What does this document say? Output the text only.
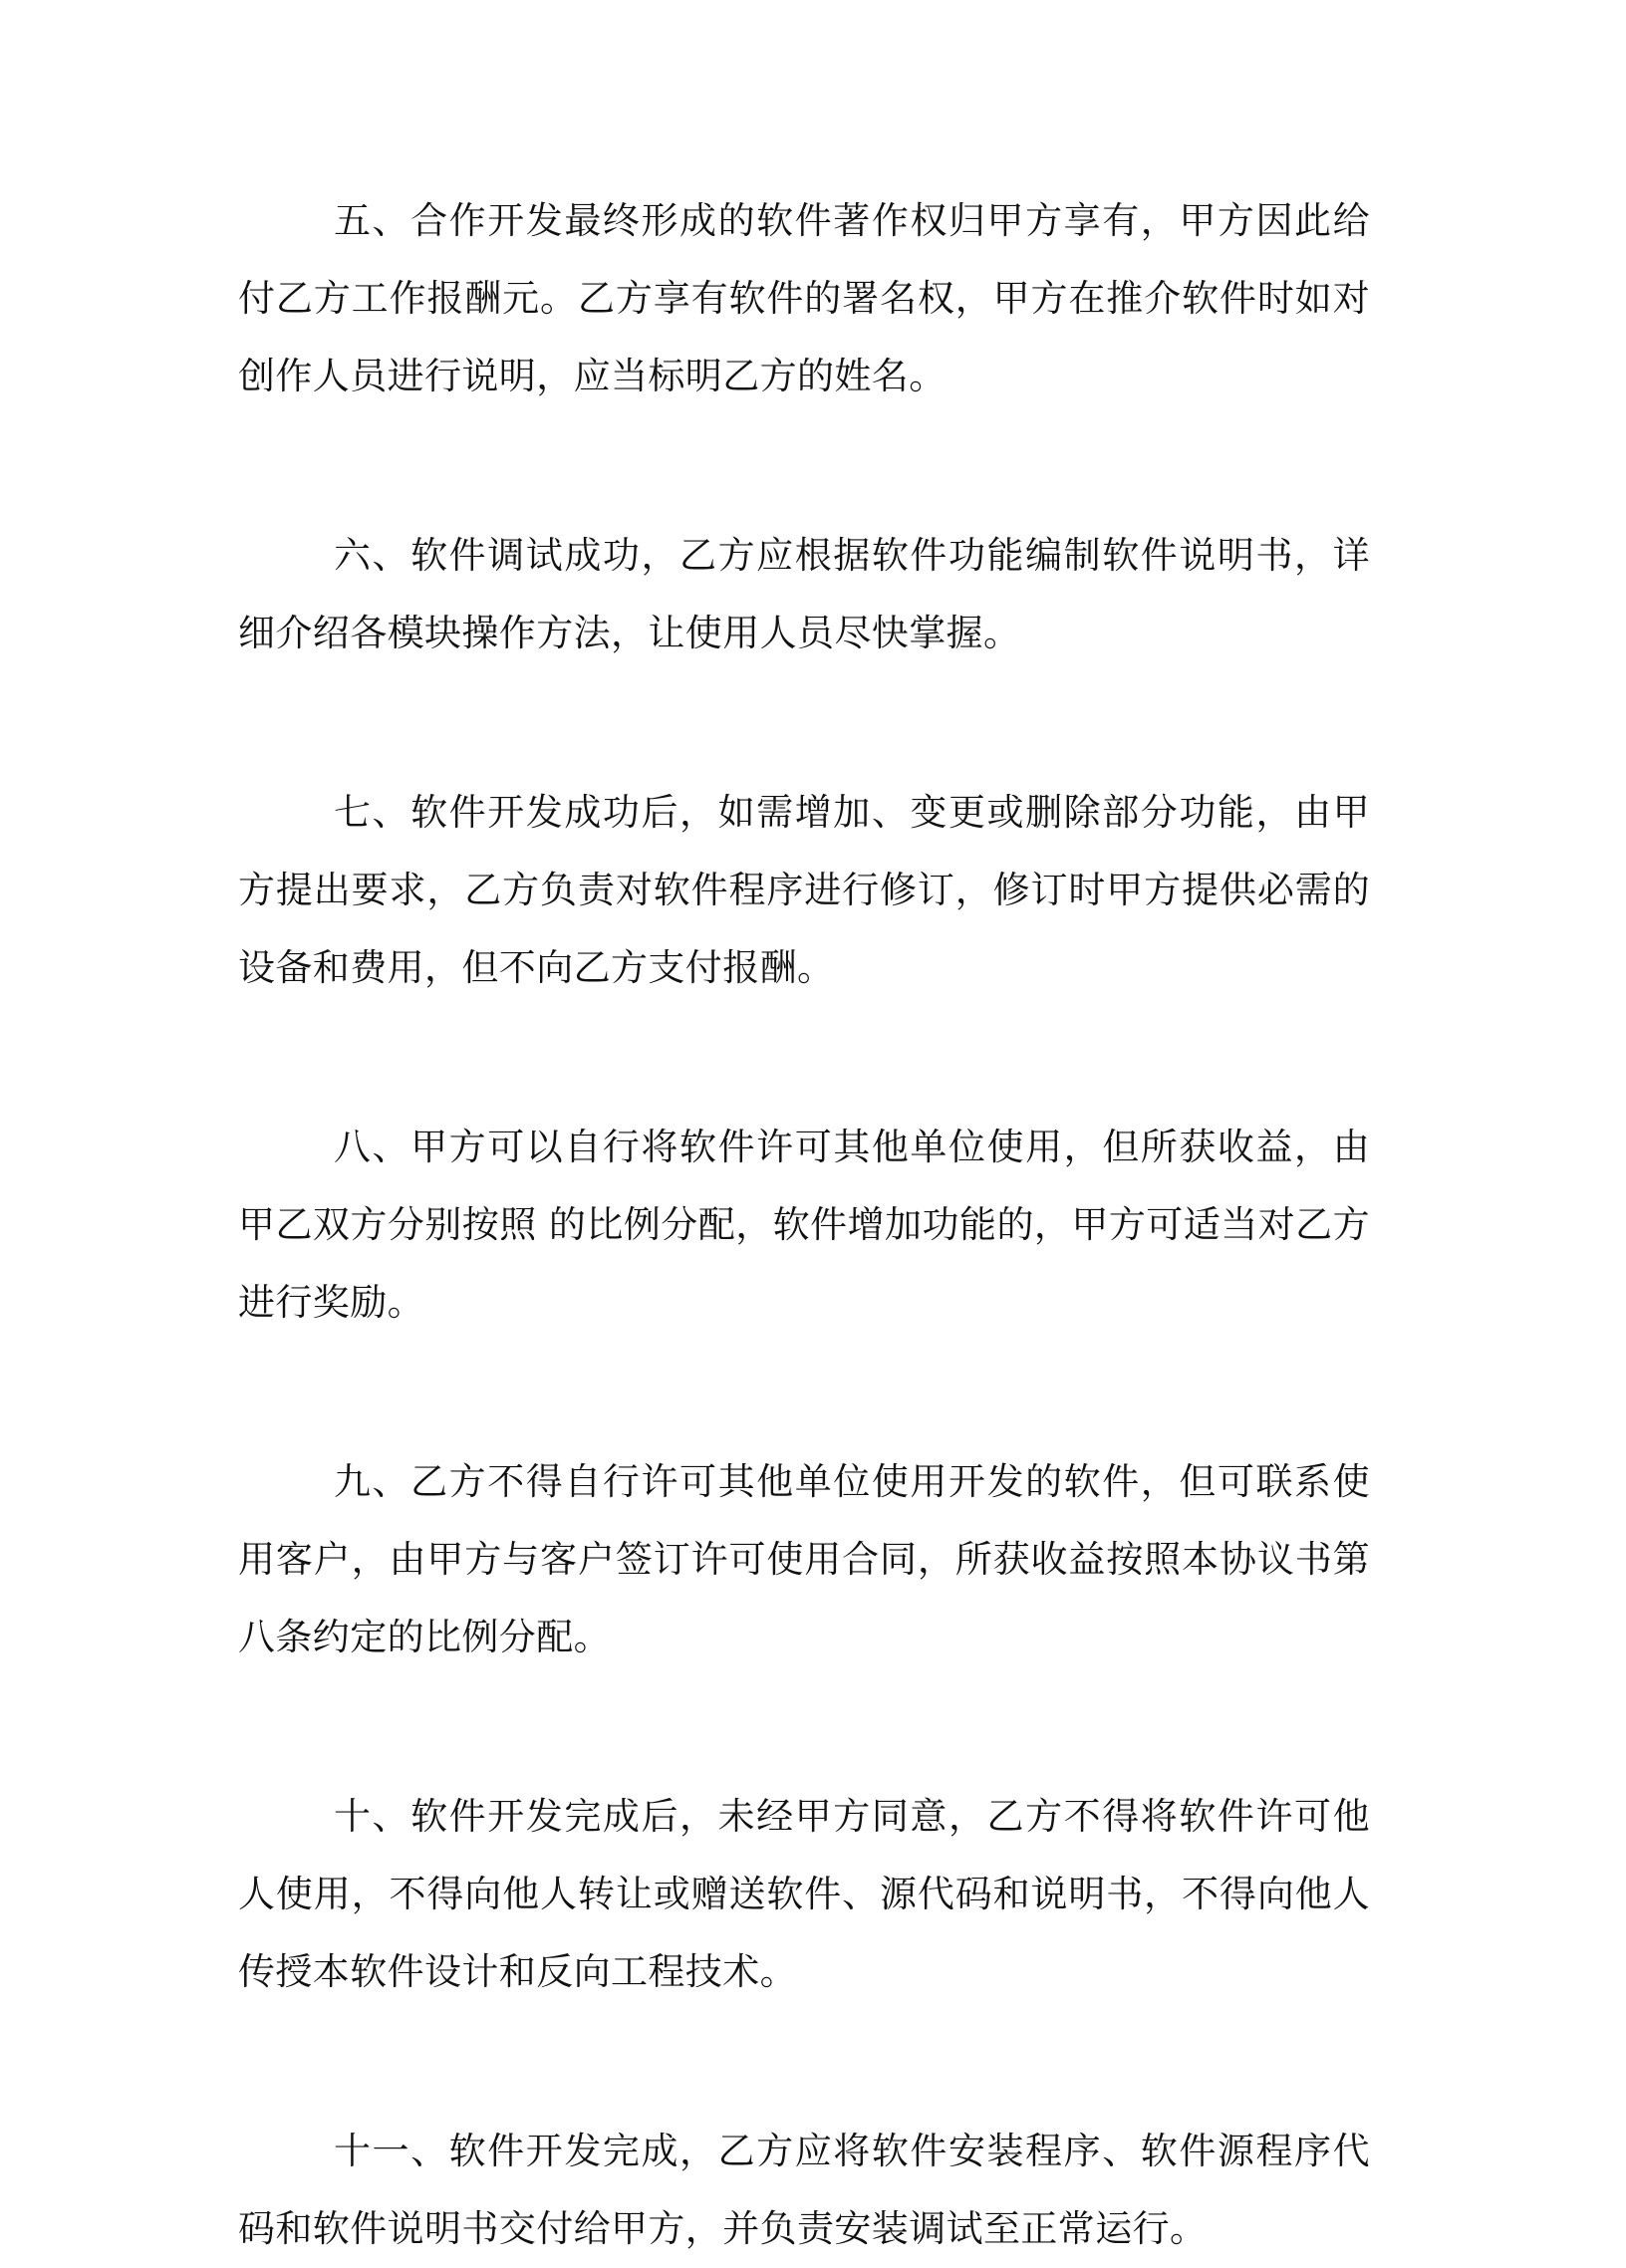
五、合作开发最终形成的软件著作权归甲方享有，甲方因此给付乙方工作报酬元。乙方享有软件的署名权，甲方在推介软件时如对创作人员进行说明，应当标明乙方的姓名。

六、软件调试成功，乙方应根据软件功能编制软件说明书，详细介绍各模块操作方法，让使用人员尽快掌握。

七、软件开发成功后，如需增加、变更或删除部分功能，由甲方提出要求，乙方负责对软件程序进行修订，修订时甲方提供必需的设备和费用，但不向乙方支付报酬。

八、甲方可以自行将软件许可其他单位使用，但所获收益，由甲乙双方分别按照 的比例分配，软件增加功能的，甲方可适当对乙方进行奖励。

九、乙方不得自行许可其他单位使用开发的软件，但可联系使用客户，由甲方与客户签订许可使用合同，所获收益按照本协议书第八条约定的比例分配。

十、软件开发完成后，未经甲方同意，乙方不得将软件许可他人使用，不得向他人转让或赠送软件、源代码和说明书，不得向他人传授本软件设计和反向工程技术。

十一、软件开发完成，乙方应将软件安装程序、软件源程序代码和软件说明书交付给甲方，并负责安装调试至正常运行。
